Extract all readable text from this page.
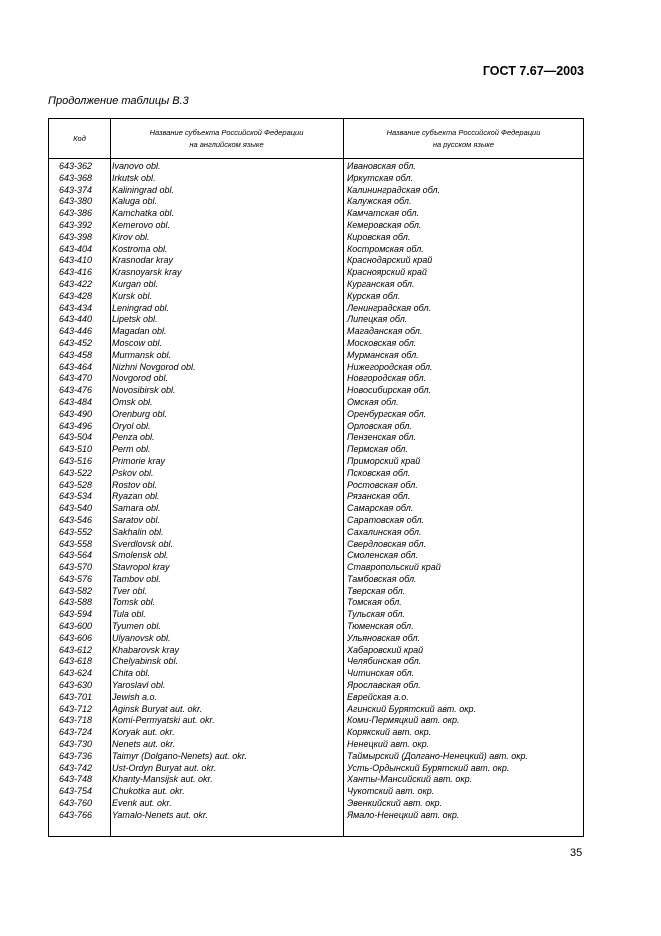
ГОСТ 7.67—2003
Продолжение таблицы В.3
Код
Название субъекта Российской Федерации
на английском языке
Название субъекта Российской Федерации
на русском языке
643-362 Ivanovo obl.	Ивановская обл.
643-368 Irkutsk obl.	Иркутская обл.
643-374 Kaliningrad obl.	Калининградская обл.
643-380 Kaluga obl.	Калужская обл.
643-386 Kamchatka obl.	Камчатская обл.
643-392 Kemerovo obl.	Кемеровская обл.
643-398 Kirov obl.	Кировская обл.
643-404 Kostroma obl.	Костромская обл.
643-410 Krasnodar kray	Краснодарский край
643-416 Krasnoyarsk kray	Красноярский край
643-422 Kurgan obl.	Курганская обл.
643-428 Kursk obl.	Курская обл.
643-434 Leningrad obl.	Ленинградская обл.
643-440 Lipetsk obl.	Липецкая обл.
643-446 Magadan obl.	Магаданская обл.
643-452 Moscow obl.	Московская обл.
643-458 Murmansk obl.	Мурманская обл.
643-464 Nizhni Novgorod obl.	Нижегородская обл.
643-470 Novgorod obl.	Новгородская обл.
643-476 Novosibirsk obl.	Новосибирская обл.
643-484 Omsk obl.	Омская обл.
643-490 Orenburg obl.	Оренбургская обл.
643-496 Oryol obl.	Орловская обл.
643-504 Penza obl.	Пензенская обл.
643-510 Perm obl.	Пермская обл.
643-516 Primorie kray	Приморский край
643-522 Pskov obl.	Псковская обл.
643-528 Rostov obl.	Ростовская обл.
643-534 Ryazan obl.	Рязанская обл.
643-540 Samara obl.	Самарская обл.
643-546 Saratov obl.	Саратовская обл.
643-552 Sakhalin obl.	Сахалинская обл.
643-558 Sverdlovsk obl.	Свердловская обл.
643-564 Smolensk obl.	Смоленская обл.
643-570 Stavropol kray	Ставропольский край
643-576 Tambov obl.	Тамбовская обл.
643-582 Tver obl.	Тверская обл.
643-588 Tomsk obl.	Томская обл.
643-594 Tula obl.	Тульская обл.
643-600 Tyumen obl.	Тюменская обл.
643-606 Ulyanovsk obl.	Ульяновская обл.
643-612 Khabarovsk kray	Хабаровский край
643-618 Chelyabinsk obl.	Челябинская обл.
643-624 Chita obl.	Читинская обл.
643-630 Yaroslavl obl.	Ярославская обл.
643-701 Jewish a.o.	Еврейская а.о.
643-712 Aginsk Buryat aut. okr.	Агинский Бурятский авт. окр.
643-718 Komi-Permyatski aut. okr.	Коми-Пермяцкий авт. окр.
643-724 Koryak aut. okr.	Корякский авт. окр.
643-730 Nenets aut. okr.	Ненецкий авт. окр.
643-736 Taimyr (Dolgano-Nenets) aut. okr.	Таймырский (Долгано-Ненецкий) авт. окр.
643-742 Ust-Ordyn Buryat aut. okr.	Усть-Ордынский Бурятский авт. окр.
643-748 Khanty-Mansijsk aut. okr.	Ханты-Мансийский авт. окр.
643-754 Chukotka aut. okr.	Чукотский авт. окр.
643-760 Evenk aut. okr.	Эвенкийский авт. окр.
643-766 Yamalo-Nenets aut. okr.	Ямало-Ненецкий авт. окр.
35
